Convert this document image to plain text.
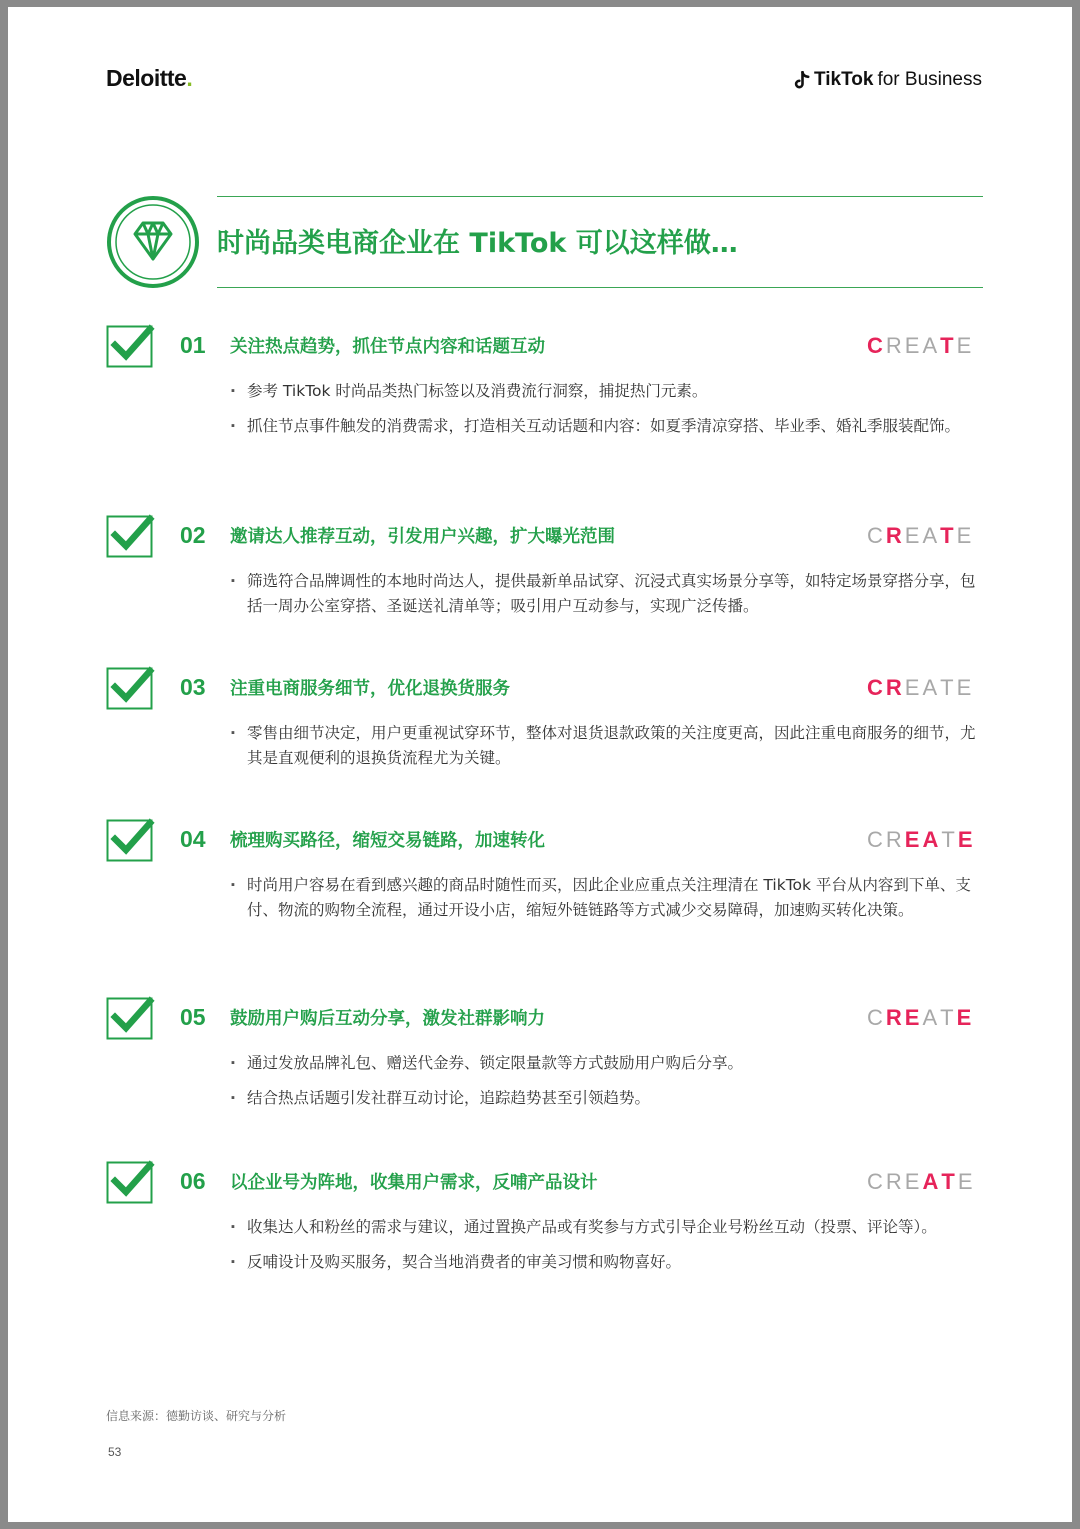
Deloitte.	TikTok for Business
时尚品类电商企业在 TikTok 可以这样做…
01 关注热点趋势，抓住节点内容和话题互动	CREATE
· 参考 TikTok 时尚品类热门标签以及消费流行洞察，捕捉热门元素。
· 抓住节点事件触发的消费需求，打造相关互动话题和内容：如夏季清凉穿搭、毕业季、婚礼季服装配饰。
02 邀请达人推荐互动，引发用户兴趣，扩大曝光范围	CREATE
· 筛选符合品牌调性的本地时尚达人，提供最新单品试穿、沉浸式真实场景分享等，如特定场景穿搭分享，包括一周办公室穿搭、圣诞送礼清单等；吸引用户互动参与，实现广泛传播。
03 注重电商服务细节，优化退换货服务	CREATE
· 零售由细节决定，用户更重视试穿环节，整体对退货退款政策的关注度更高，因此注重电商服务的细节，尤其是直观便利的退换货流程尤为关键。
04 梳理购买路径，缩短交易链路，加速转化	CREATE
· 时尚用户容易在看到感兴趣的商品时随性而买，因此企业应重点关注理清在 TikTok 平台从内容到下单、支付、物流的购物全流程，通过开设小店，缩短外链链路等方式减少交易障碍，加速购买转化决策。
05 鼓励用户购后互动分享，激发社群影响力	CREATE
· 通过发放品牌礼包、赠送代金券、锁定限量款等方式鼓励用户购后分享。
· 结合热点话题引发社群互动讨论，追踪趋势甚至引领趋势。
06 以企业号为阵地，收集用户需求，反哺产品设计	CREATE
· 收集达人和粉丝的需求与建议，通过置换产品或有奖参与方式引导企业号粉丝互动（投票、评论等）。
· 反哺设计及购买服务，契合当地消费者的审美习惯和购物喜好。
信息来源：德勤访谈、研究与分析
53
